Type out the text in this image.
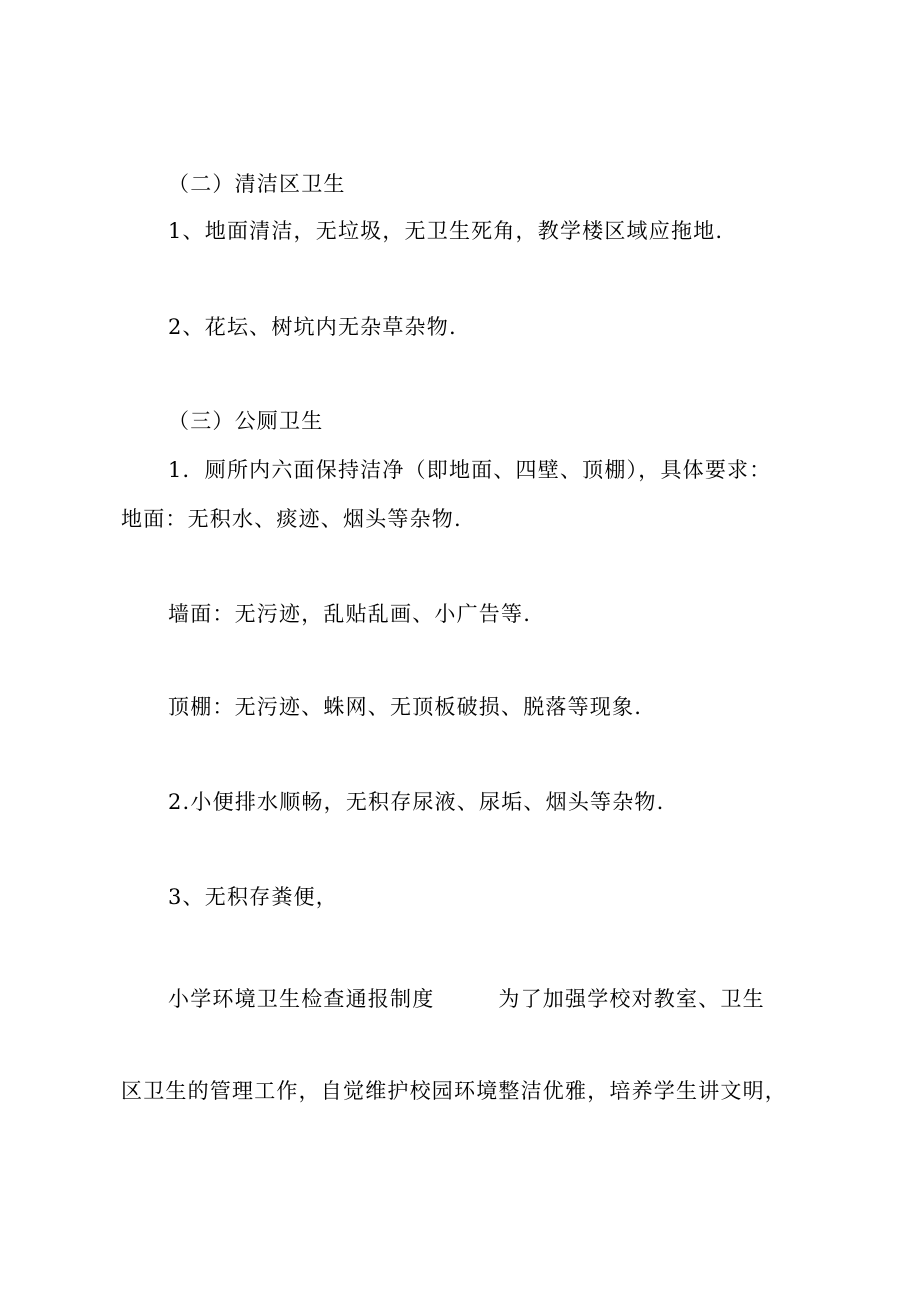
（二）清洁区卫生
1、地面清洁，无垃圾，无卫生死角，教学楼区域应拖地.
2、花坛、树坑内无杂草杂物.
（三）公厕卫生
1．厕所内六面保持洁净（即地面、四壁、顶棚），具体要求：
地面：无积水、痰迹、烟头等杂物.
墙面：无污迹，乱贴乱画、小广告等.
顶棚：无污迹、蛛网、无顶板破损、脱落等现象.
2.小便排水顺畅，无积存尿液、尿垢、烟头等杂物.
3、无积存粪便，
小学环境卫生检查通报制度	为了加强学校对教室、卫生
区卫生的管理工作，自觉维护校园环境整洁优雅，培养学生讲文明，
